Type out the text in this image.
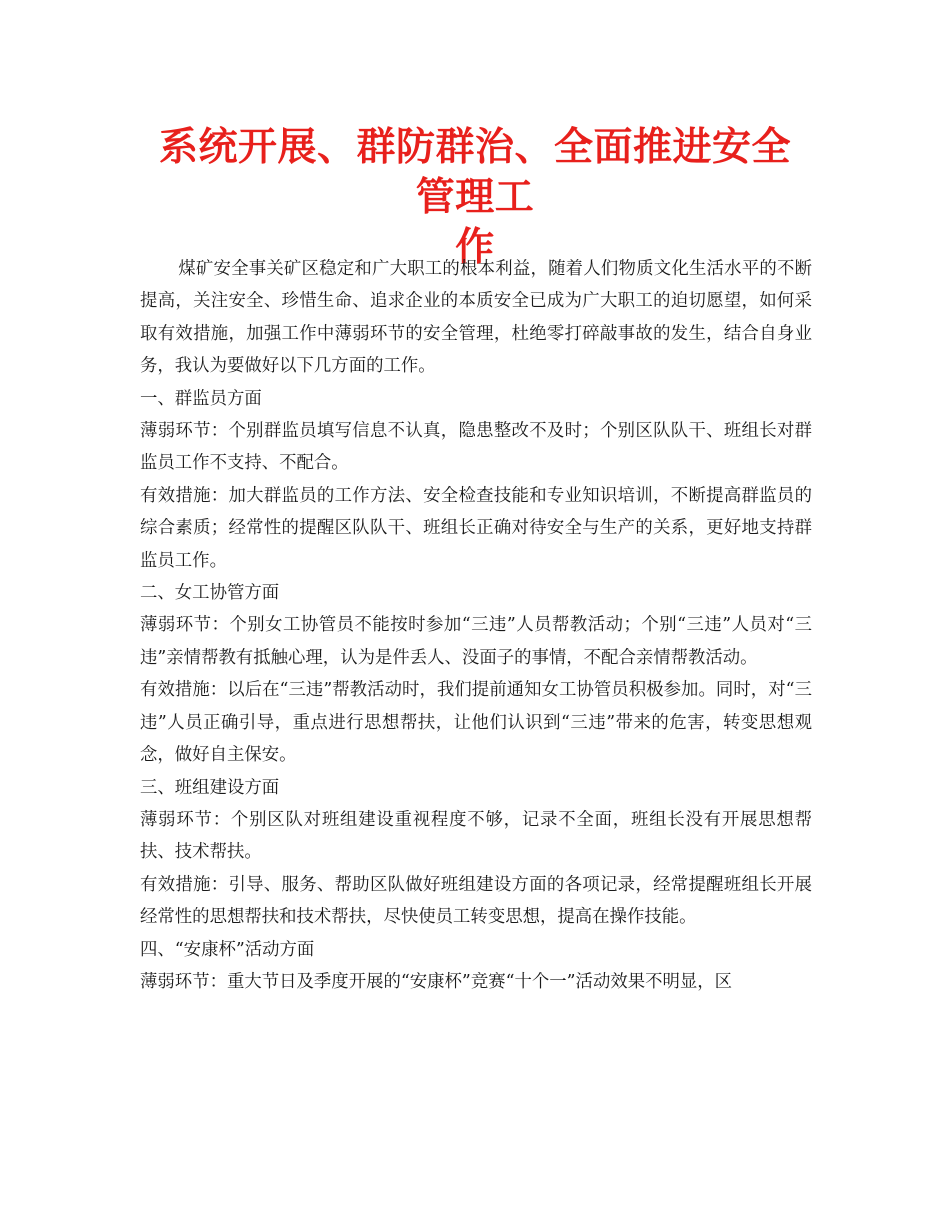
系统开展、群防群治、全面推进安全管理工
作

煤矿安全事关矿区稳定和广大职工的根本利益，随着人们物质文化生活水平的不断提高，关注安全、珍惜生命、追求企业的本质安全已成为广大职工的迫切愿望，如何采取有效措施，加强工作中薄弱环节的安全管理，杜绝零打碎敲事故的发生，结合自身业务，我认为要做好以下几方面的工作。

一、群监员方面

薄弱环节：个别群监员填写信息不认真，隐患整改不及时；个别区队队干、班组长对群监员工作不支持、不配合。

有效措施：加大群监员的工作方法、安全检查技能和专业知识培训，不断提高群监员的综合素质；经常性的提醒区队队干、班组长正确对待安全与生产的关系，更好地支持群监员工作。

二、女工协管方面

薄弱环节：个别女工协管员不能按时参加“三违”人员帮教活动；个别“三违”人员对“三违”亲情帮教有抵触心理，认为是件丢人、没面子的事情，不配合亲情帮教活动。

有效措施：以后在“三违”帮教活动时，我们提前通知女工协管员积极参加。同时，对“三违”人员正确引导，重点进行思想帮扶，让他们认识到“三违”带来的危害，转变思想观念，做好自主保安。

三、班组建设方面

薄弱环节：个别区队对班组建设重视程度不够，记录不全面，班组长没有开展思想帮扶、技术帮扶。

有效措施：引导、服务、帮助区队做好班组建设方面的各项记录，经常提醒班组长开展经常性的思想帮扶和技术帮扶，尽快使员工转变思想，提高在操作技能。

四、“安康杯”活动方面

薄弱环节：重大节日及季度开展的“安康杯”竞赛“十个一”活动效果不明显，区
